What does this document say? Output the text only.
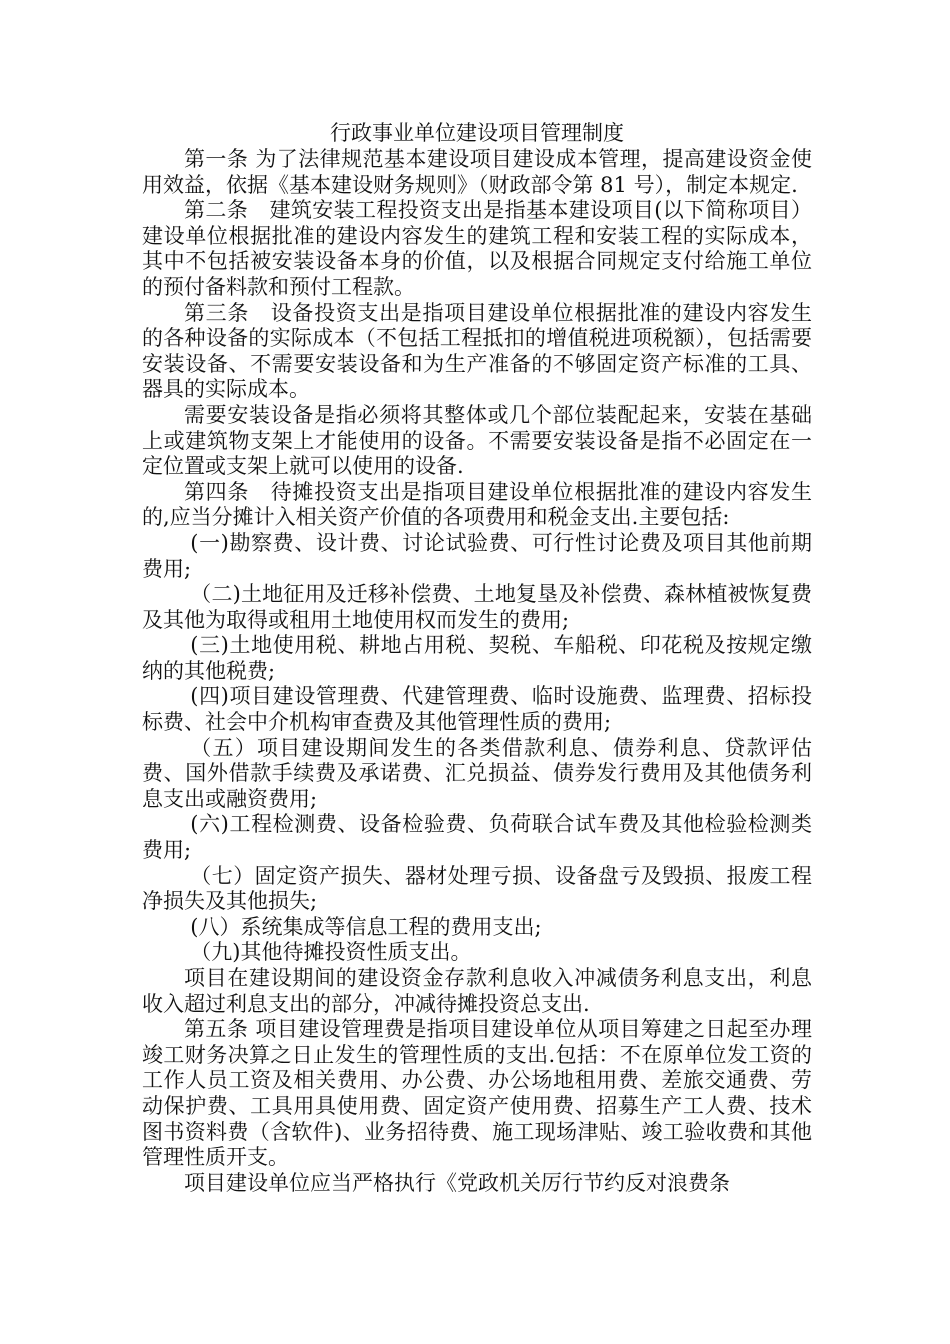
行政事业单位建设项目管理制度

第一条 为了法律规范基本建设项目建设成本管理，提高建设资金使用效益，依据《基本建设财务规则》（财政部令第 81 号），制定本规定.

第二条　建筑安装工程投资支出是指基本建设项目(以下简称项目）建设单位根据批准的建设内容发生的建筑工程和安装工程的实际成本，其中不包括被安装设备本身的价值，以及根据合同规定支付给施工单位的预付备料款和预付工程款。

第三条　设备投资支出是指项目建设单位根据批准的建设内容发生的各种设备的实际成本（不包括工程抵扣的增值税进项税额），包括需要安装设备、不需要安装设备和为生产准备的不够固定资产标准的工具、器具的实际成本。

需要安装设备是指必须将其整体或几个部位装配起来，安装在基础上或建筑物支架上才能使用的设备。不需要安装设备是指不必固定在一定位置或支架上就可以使用的设备.

第四条　待摊投资支出是指项目建设单位根据批准的建设内容发生的,应当分摊计入相关资产价值的各项费用和税金支出.主要包括:

(一)勘察费、设计费、讨论试验费、可行性讨论费及项目其他前期费用;

（二)土地征用及迁移补偿费、土地复垦及补偿费、森林植被恢复费及其他为取得或租用土地使用权而发生的费用;

(三)土地使用税、耕地占用税、契税、车船税、印花税及按规定缴纳的其他税费;

(四)项目建设管理费、代建管理费、临时设施费、监理费、招标投标费、社会中介机构审查费及其他管理性质的费用;

（五）项目建设期间发生的各类借款利息、债券利息、贷款评估费、国外借款手续费及承诺费、汇兑损益、债券发行费用及其他债务利息支出或融资费用;

(六)工程检测费、设备检验费、负荷联合试车费及其他检验检测类费用;

（七）固定资产损失、器材处理亏损、设备盘亏及毁损、报废工程净损失及其他损失;

(八）系统集成等信息工程的费用支出;

（九)其他待摊投资性质支出。

项目在建设期间的建设资金存款利息收入冲减债务利息支出，利息收入超过利息支出的部分，冲减待摊投资总支出.

第五条 项目建设管理费是指项目建设单位从项目筹建之日起至办理竣工财务决算之日止发生的管理性质的支出.包括：不在原单位发工资的工作人员工资及相关费用、办公费、办公场地租用费、差旅交通费、劳动保护费、工具用具使用费、固定资产使用费、招募生产工人费、技术图书资料费（含软件)、业务招待费、施工现场津贴、竣工验收费和其他管理性质开支。

项目建设单位应当严格执行《党政机关厉行节约反对浪费条
